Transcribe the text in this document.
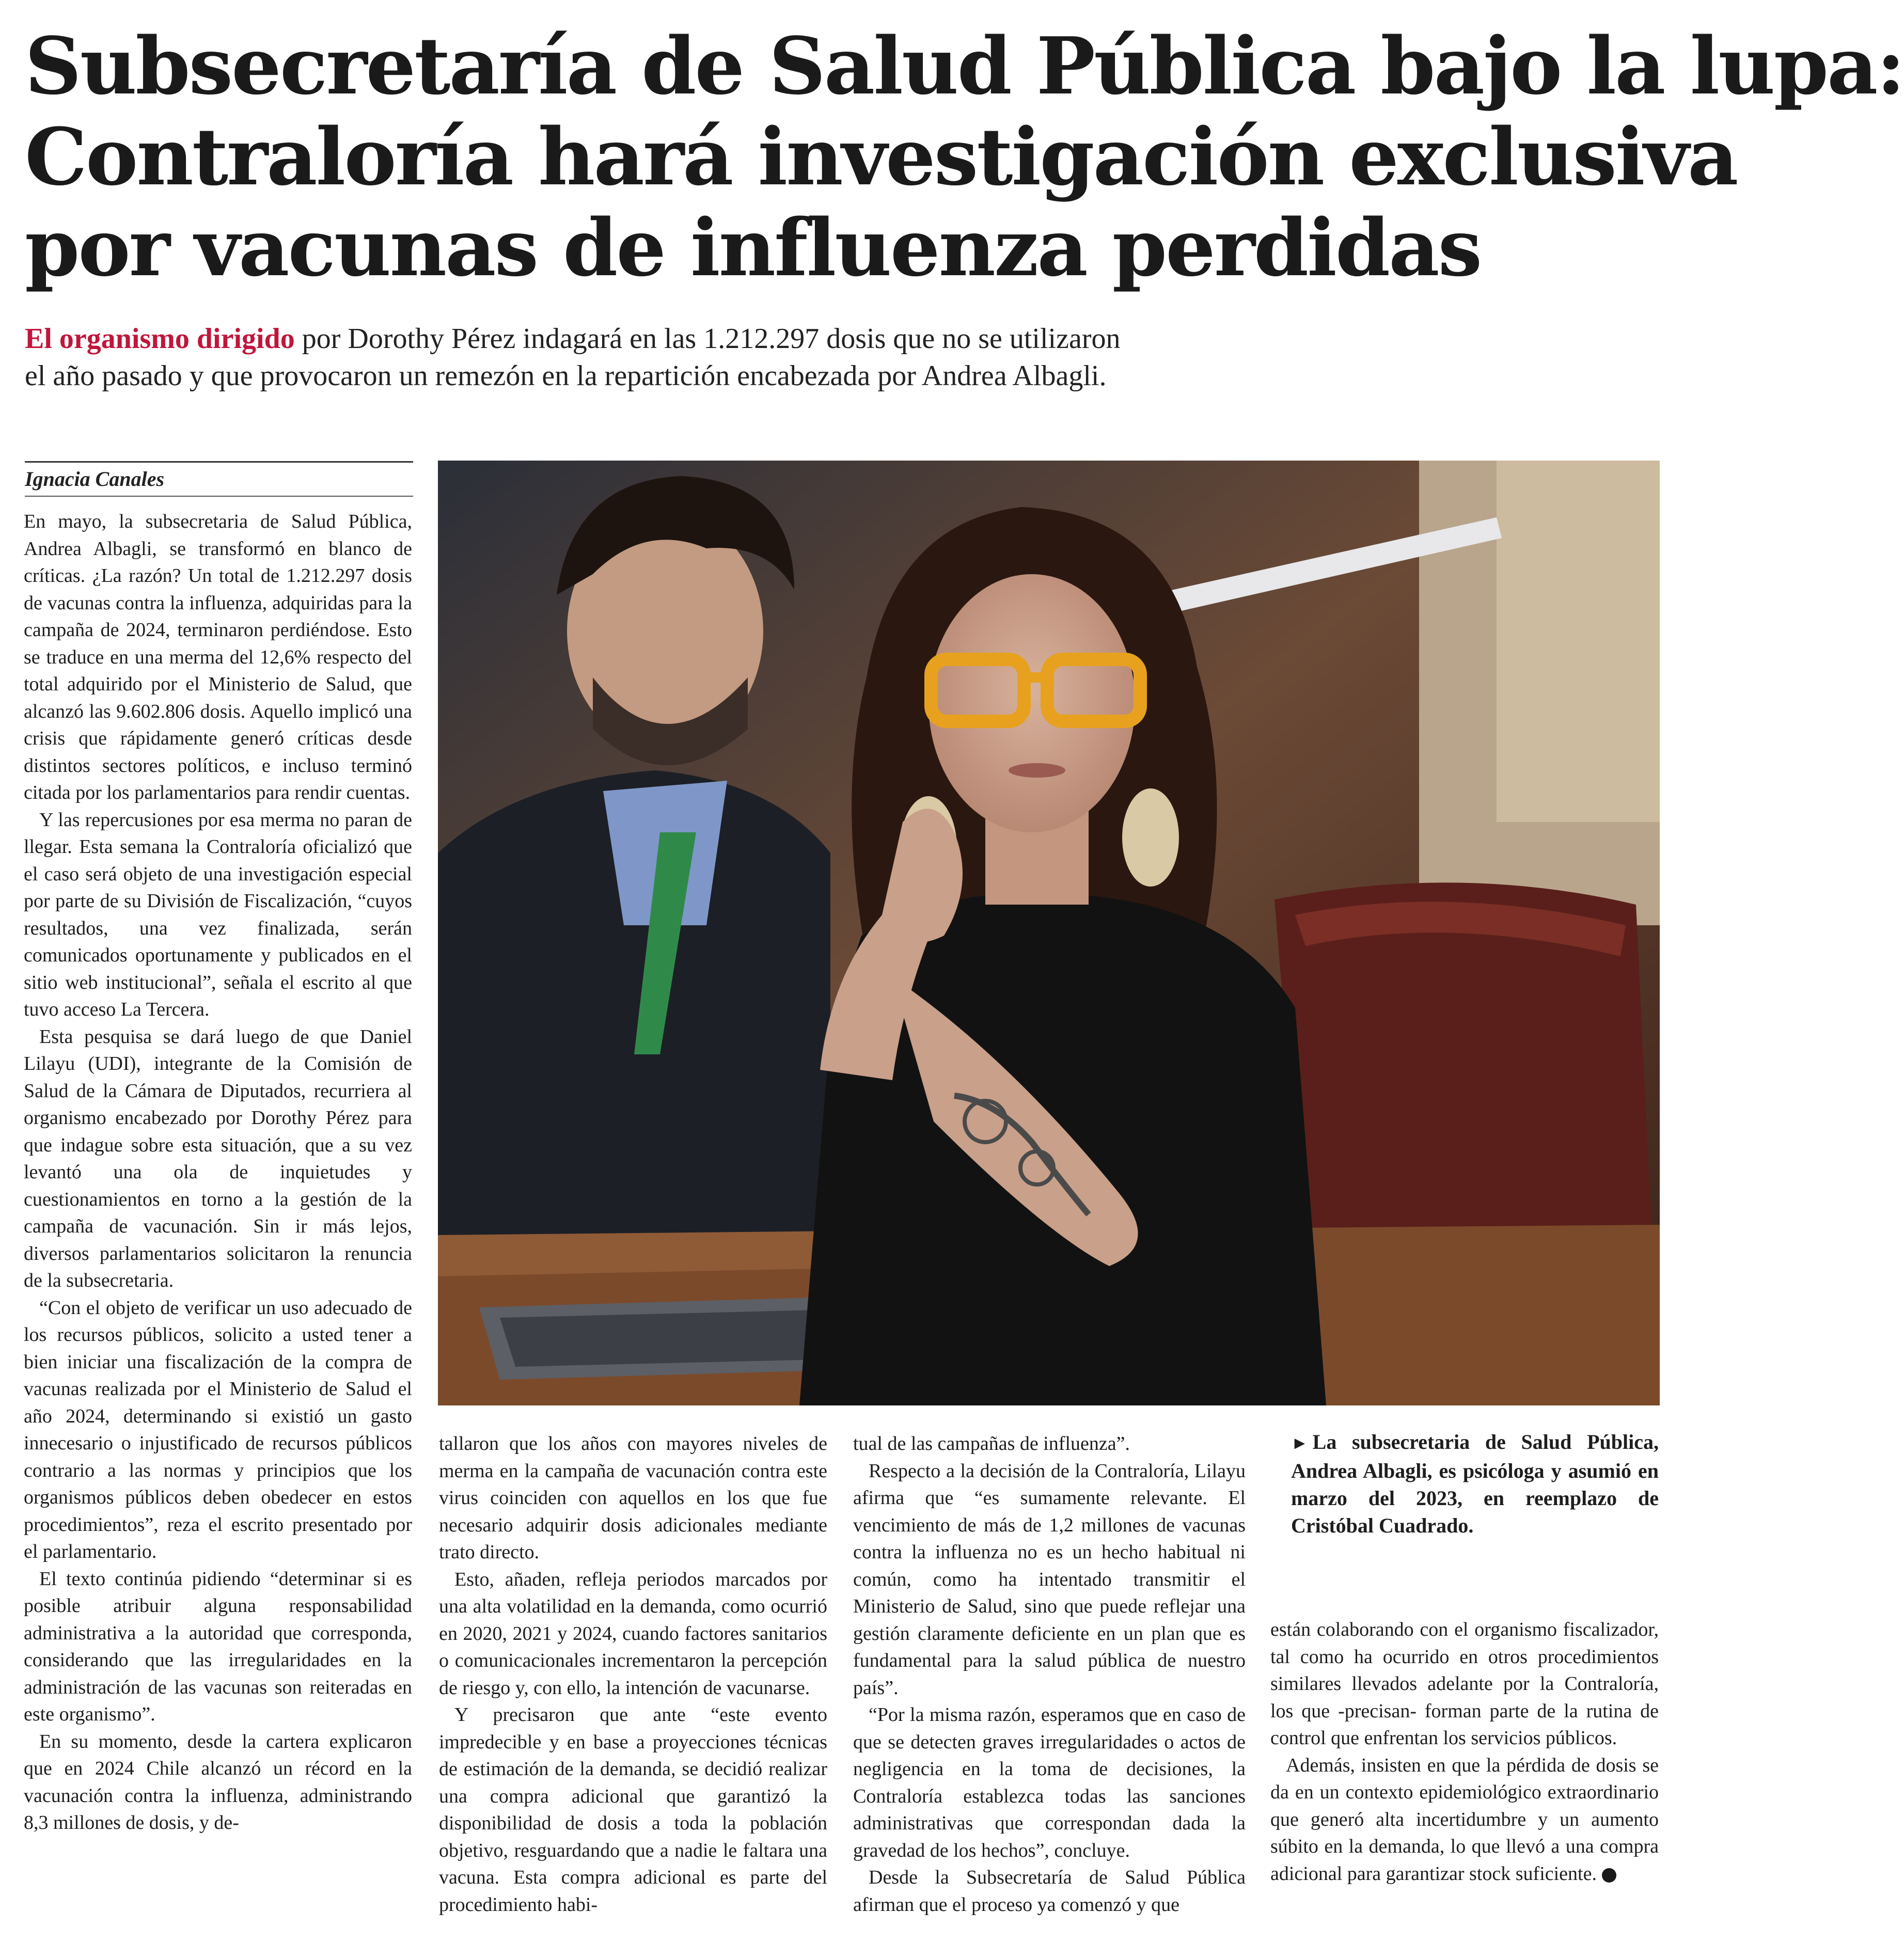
Subsecretaría de Salud Pública bajo la lupa:
Contraloría hará investigación exclusiva
por vacunas de influenza perdidas
El organismo dirigido por Dorothy Pérez indagará en las 1.212.297 dosis que no se utilizaron
el año pasado y que provocaron un remezón en la repartición encabezada por Andrea Albagli.
Ignacia Canales

En mayo, la subsecretaria de Salud Pública, Andrea Albagli, se transformó en blanco de críticas. ¿La razón? Un total de 1.212.297 dosis de vacunas contra la influenza, adquiridas para la campaña de 2024, terminaron perdiéndose. Esto se traduce en una merma del 12,6% respecto del total adquirido por el Ministerio de Salud, que alcanzó las 9.602.806 dosis. Aquello implicó una crisis que rápidamente generó críticas desde distintos sectores políticos, e incluso terminó citada por los parlamentarios para rendir cuentas.

Y las repercusiones por esa merma no paran de llegar. Esta semana la Contraloría oficializó que el caso será objeto de una investigación especial por parte de su División de Fiscalización, “cuyos resultados, una vez finalizada, serán comunicados oportunamente y publicados en el sitio web institucional”, señala el escrito al que tuvo acceso La Tercera.

Esta pesquisa se dará luego de que Daniel Lilayu (UDI), integrante de la Comisión de Salud de la Cámara de Diputados, recurriera al organismo encabezado por Dorothy Pérez para que indague sobre esta situación, que a su vez levantó una ola de inquietudes y cuestionamientos en torno a la gestión de la campaña de vacunación. Sin ir más lejos, diversos parlamentarios solicitaron la renuncia de la subsecretaria.

“Con el objeto de verificar un uso adecuado de los recursos públicos, solicito a usted tener a bien iniciar una fiscalización de la compra de vacunas realizada por el Ministerio de Salud el año 2024, determinando si existió un gasto innecesario o injustificado de recursos públicos contrario a las normas y principios que los organismos públicos deben obedecer en estos procedimientos”, reza el escrito presentado por el parlamentario.

El texto continúa pidiendo “determinar si es posible atribuir alguna responsabilidad administrativa a la autoridad que corresponda, considerando que las irregularidades en la administración de las vacunas son reiteradas en este organismo”.

En su momento, desde la cartera explicaron que en 2024 Chile alcanzó un récord en la vacunación contra la influenza, administrando 8,3 millones de dosis, y de-

tallaron que los años con mayores niveles de merma en la campaña de vacunación contra este virus coinciden con aquellos en los que fue necesario adquirir dosis adicionales mediante trato directo.

Esto, añaden, refleja periodos marcados por una alta volatilidad en la demanda, como ocurrió en 2020, 2021 y 2024, cuando factores sanitarios o comunicacionales incrementaron la percepción de riesgo y, con ello, la intención de vacunarse.

Y precisaron que ante “este evento impredecible y en base a proyecciones técnicas de estimación de la demanda, se decidió realizar una compra adicional que garantizó la disponibilidad de dosis a toda la población objetivo, resguardando que a nadie le faltara una vacuna. Esta compra adicional es parte del procedimiento habi-

tual de las campañas de influenza”.

Respecto a la decisión de la Contraloría, Lilayu afirma que “es sumamente relevante. El vencimiento de más de 1,2 millones de vacunas contra la influenza no es un hecho habitual ni común, como ha intentado transmitir el Ministerio de Salud, sino que puede reflejar una gestión claramente deficiente en un plan que es fundamental para la salud pública de nuestro país”.

“Por la misma razón, esperamos que en caso de que se detecten graves irregularidades o actos de negligencia en la toma de decisiones, la Contraloría establezca todas las sanciones administrativas que correspondan dada la gravedad de los hechos”, concluye.

Desde la Subsecretaría de Salud Pública afirman que el proceso ya comenzó y que

► La subsecretaria de Salud Pública, Andrea Albagli, es psicóloga y asumió en marzo del 2023, en reemplazo de Cristóbal Cuadrado.

están colaborando con el organismo fiscalizador, tal como ha ocurrido en otros procedimientos similares llevados adelante por la Contraloría, los que -precisan- forman parte de la rutina de control que enfrentan los servicios públicos.

Además, insisten en que la pérdida de dosis se da en un contexto epidemiológico extraordinario que generó alta incertidumbre y un aumento súbito en la demanda, lo que llevó a una compra adicional para garantizar stock suficiente.
